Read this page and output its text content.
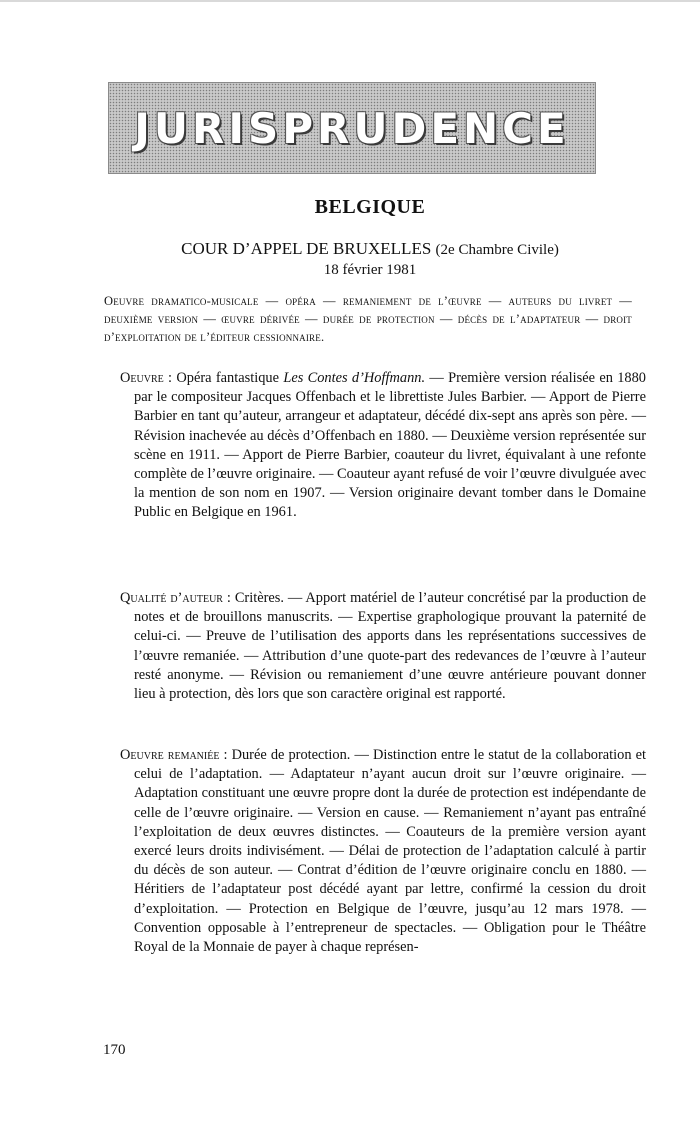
JURISPRUDENCE
BELGIQUE
COUR D’APPEL DE BRUXELLES (2e Chambre Civile)
18 février 1981

Oeuvre dramatico-musicale — opéra — remaniement de l’œuvre — auteurs du livret — deuxième version — œuvre dérivée — durée de protection — décès de l’adaptateur — droit d’exploitation de l’éditeur cessionnaire.

Oeuvre : Opéra fantastique Les Contes d’Hoffmann. — Première version réalisée en 1880 par le compositeur Jacques Offenbach et le librettiste Jules Barbier. — Apport de Pierre Barbier en tant qu’auteur, arrangeur et adaptateur, décédé dix-sept ans après son père. — Révision inachevée au décès d’Offenbach en 1880. — Deuxième version représentée sur scène en 1911. — Apport de Pierre Barbier, coauteur du livret, équivalant à une refonte complète de l’œuvre originaire. — Coauteur ayant refusé de voir l’œuvre divulguée avec la mention de son nom en 1907. — Version originaire devant tomber dans le Domaine Public en Belgique en 1961.

Qualité d’auteur : Critères. — Apport matériel de l’auteur concrétisé par la production de notes et de brouillons manuscrits. — Expertise graphologique prouvant la paternité de celui-ci. — Preuve de l’utilisation des apports dans les représentations successives de l’œuvre remaniée. — Attribution d’une quote-part des redevances de l’œuvre à l’auteur resté anonyme. — Révision ou remaniement d’une œuvre antérieure pouvant donner lieu à protection, dès lors que son caractère original est rapporté.

Oeuvre remaniée : Durée de protection. — Distinction entre le statut de la collaboration et celui de l’adaptation. — Adaptateur n’ayant aucun droit sur l’œuvre originaire. — Adaptation constituant une œuvre propre dont la durée de protection est indépendante de celle de l’œuvre originaire. — Version en cause. — Remaniement n’ayant pas entraîné l’exploitation de deux œuvres distinctes. — Coauteurs de la première version ayant exercé leurs droits indivisément. — Délai de protection de l’adaptation calculé à partir du décès de son auteur. — Contrat d’édition de l’œuvre originaire conclu en 1880. — Héritiers de l’adaptateur post décédé ayant par lettre, confirmé la cession du droit d’exploitation. — Protection en Belgique de l’œuvre, jusqu’au 12 mars 1978. — Convention opposable à l’entrepreneur de spectacles. — Obligation pour le Théâtre Royal de la Monnaie de payer à chaque représen-

170
